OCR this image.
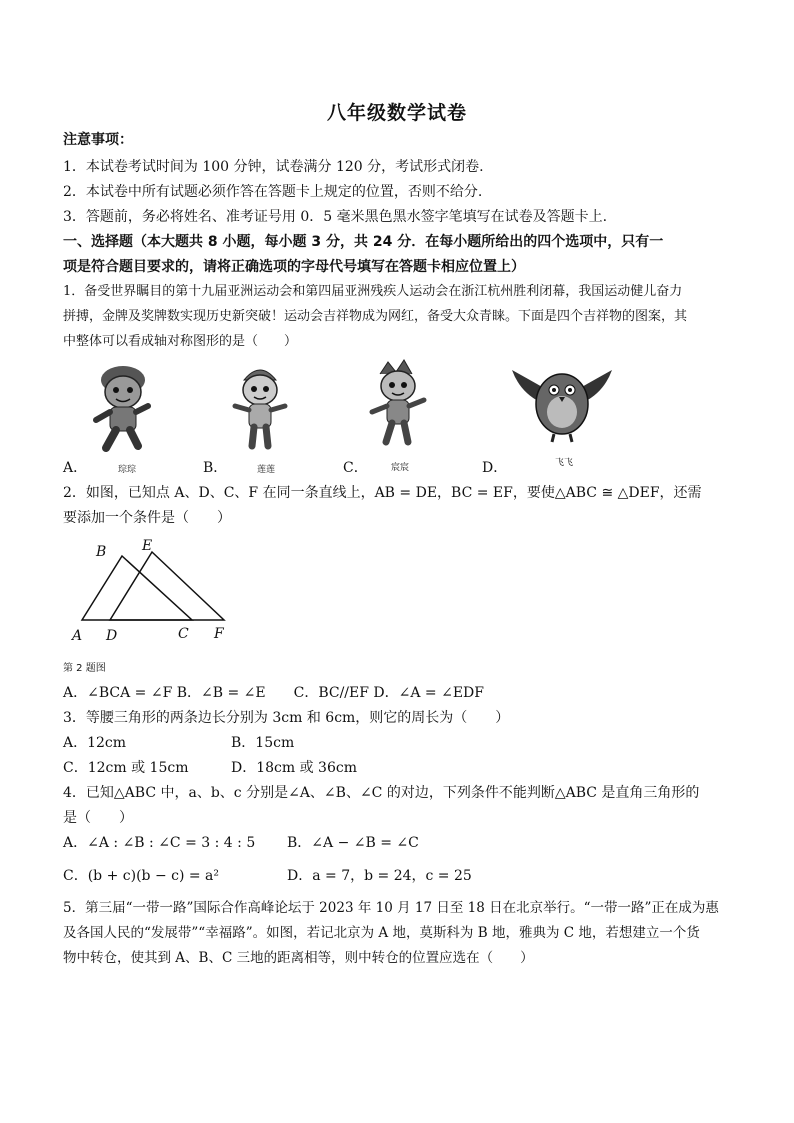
八年级数学试卷
注意事项：
1．本试卷考试时间为 100 分钟，试卷满分 120 分，考试形式闭卷.
2．本试卷中所有试题必须作答在答题卡上规定的位置，否则不给分.
3．答题前，务必将姓名、准考证号用 0．5 毫米黑色黑水签字笔填写在试卷及答题卡上.
一、选择题（本大题共 8 小题，每小题 3 分，共 24 分．在每小题所给出的四个选项中，只有一
项是符合题目要求的，请将正确选项的字母代号填写在答题卡相应位置上）
1．备受世界瞩目的第十九届亚洲运动会和第四届亚洲残疾人运动会在浙江杭州胜利闭幕，我国运动健儿奋力
拼搏，金牌及奖牌数实现历史新突破！运动会吉祥物成为网红，备受大众青睐。下面是四个吉祥物的图案，其
中整体可以看成轴对称图形的是（　　）
A．	琮琮	B．	莲莲	C．	宸宸	D．	飞飞
2．如图，已知点 A、D、C、F 在同一条直线上，AB = DE，BC = EF，要使△ABC ≅ △DEF，还需
要添加一个条件是（　　）
B	E
A D	C F
第 2 题图
A．∠BCA = ∠F B．∠B = ∠E　　C．BC//EF D．∠A = ∠EDF
3．等腰三角形的两条边长分别为 3cm 和 6cm，则它的周长为（　　）
A．12cm	B．15cm
C．12cm 或 15cm	D．18cm 或 36cm
4．已知△ABC 中，a、b、c 分别是∠A、∠B、∠C 的对边，下列条件不能判断△ABC 是直角三角形的
是（　　）
A．∠A : ∠B : ∠C = 3 : 4 : 5 B．∠A − ∠B = ∠C
C．(b + c)(b − c) = a²	D．a = 7，b = 24，c = 25
5．第三届“一带一路”国际合作高峰论坛于 2023 年 10 月 17 日至 18 日在北京举行。“一带一路”正在成为惠
及各国人民的“发展带”“幸福路”。如图，若记北京为 A 地，莫斯科为 B 地，雅典为 C 地，若想建立一个货
物中转仓，使其到 A、B、C 三地的距离相等，则中转仓的位置应选在（　　）
